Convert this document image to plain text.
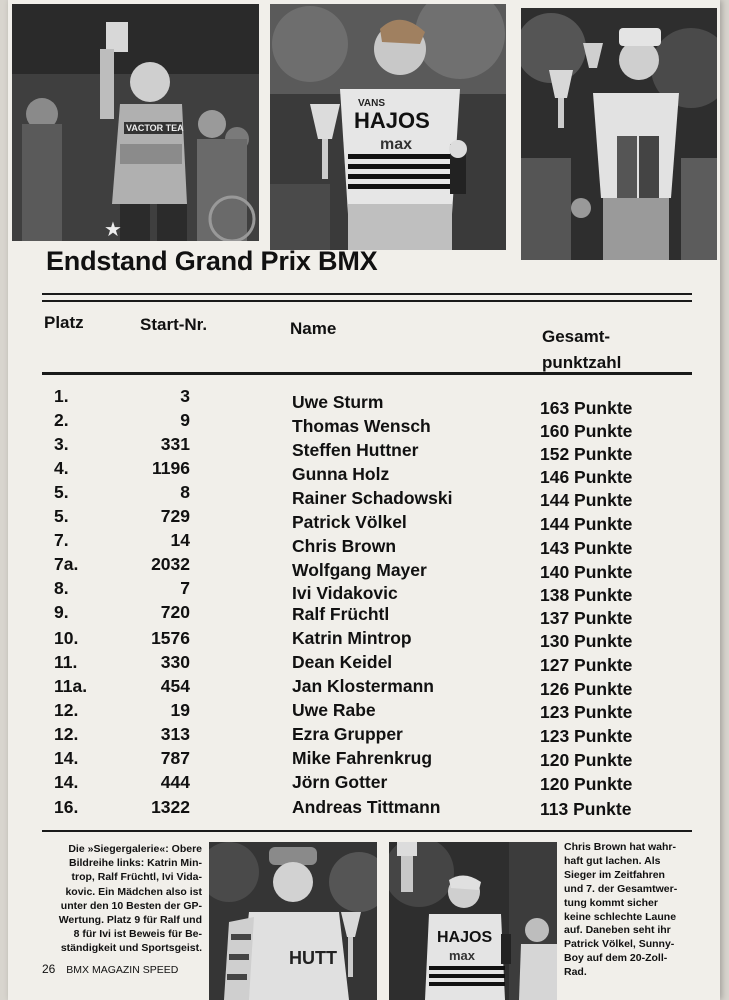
VACTOR TEA
★
VANS
HAJOS
max
Endstand Grand Prix BMX
Platz	Start-Nr.	Name	Gesamt-
punktzahl
1.	3	Uwe Sturm	163 Punkte
2.	9	Thomas Wensch	160 Punkte
3.	331	Steffen Huttner	152 Punkte
4.	1196	Gunna Holz	146 Punkte
5.	8	Rainer Schadowski	144 Punkte
5.	729	Patrick Völkel	144 Punkte
7.	14	Chris Brown	143 Punkte
7a.	2032	Wolfgang Mayer	140 Punkte
8.	7	Ivi Vidakovic	138 Punkte
9.	720	Ralf Früchtl	137 Punkte
10.	1576	Katrin Mintrop	130 Punkte
11.	330	Dean Keidel	127 Punkte
11a.	454	Jan Klostermann	126 Punkte
12.	19	Uwe Rabe	123 Punkte
12.	313	Ezra Grupper	123 Punkte
14.	787	Mike Fahrenkrug	120 Punkte
14.	444	Jörn Gotter	120 Punkte
16.	1322	Andreas Tittmann	113 Punkte
Die »Siegergalerie«: Obere
Bildreihe links: Katrin Min-
trop, Ralf Früchtl, Ivi Vida-
kovic. Ein Mädchen also ist
unter den 10 Besten der GP-
Wertung. Platz 9 für Ralf und
8 für Ivi ist Beweis für Be-
ständigkeit und Sportsgeist.	HUTT
HAJOS
max
Chris Brown hat wahr-
haft gut lachen. Als
Sieger im Zeitfahren
und 7. der Gesamtwer-
tung kommt sicher
keine schlechte Laune
auf. Daneben seht ihr
Patrick Völkel, Sunny-
Boy auf dem 20-Zoll-
Rad.
26 BMX MAGAZIN SPEED
